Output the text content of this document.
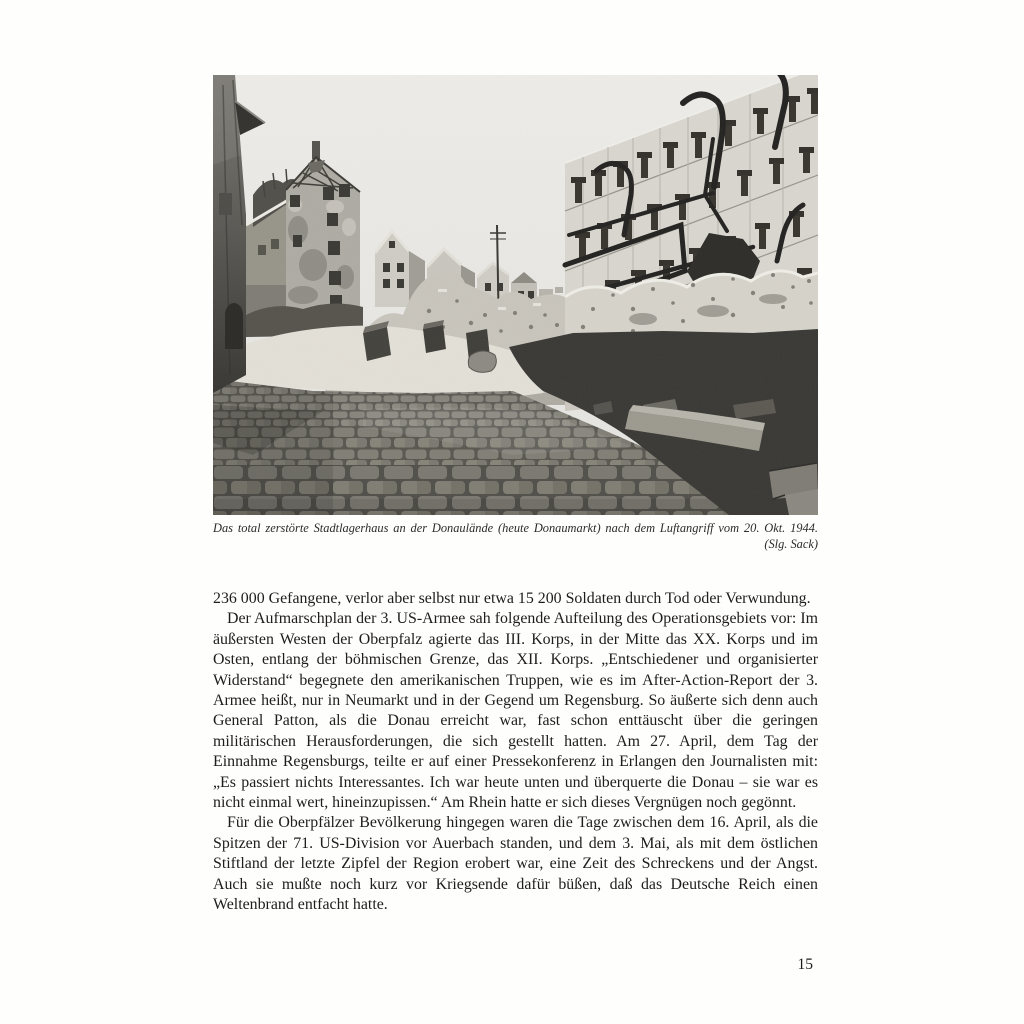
Das total zerstörte Stadtlagerhaus an der Donaulände (heute Donaumarkt) nach dem Luftangriff vom 20. Okt. 1944.
(Slg. Sack)

236 000 Gefangene, verlor aber selbst nur etwa 15 200 Soldaten durch Tod oder Verwundung.

Der Aufmarschplan der 3. US-Armee sah folgende Aufteilung des Operationsgebiets vor: Im äußersten Westen der Oberpfalz agierte das III. Korps, in der Mitte das XX. Korps und im Osten, entlang der böhmischen Grenze, das XII. Korps. „Entschiedener und organisierter Widerstand“ begegnete den amerikanischen Truppen, wie es im After-Action-Report der 3. Armee heißt, nur in Neumarkt und in der Gegend um Regensburg. So äußerte sich denn auch General Patton, als die Donau erreicht war, fast schon enttäuscht über die geringen militärischen Herausforderungen, die sich gestellt hatten. Am 27. April, dem Tag der Einnahme Regensburgs, teilte er auf einer Pressekonferenz in Erlangen den Journalisten mit: „Es passiert nichts Interessantes. Ich war heute unten und überquerte die Donau – sie war es nicht einmal wert, hineinzupissen.“ Am Rhein hatte er sich dieses Vergnügen noch gegönnt.

Für die Oberpfälzer Bevölkerung hingegen waren die Tage zwischen dem 16. April, als die Spitzen der 71. US-Division vor Auerbach standen, und dem 3. Mai, als mit dem östlichen Stiftland der letzte Zipfel der Region erobert war, eine Zeit des Schreckens und der Angst. Auch sie mußte noch kurz vor Kriegsende dafür büßen, daß das Deutsche Reich einen Weltenbrand entfacht hatte.

15
